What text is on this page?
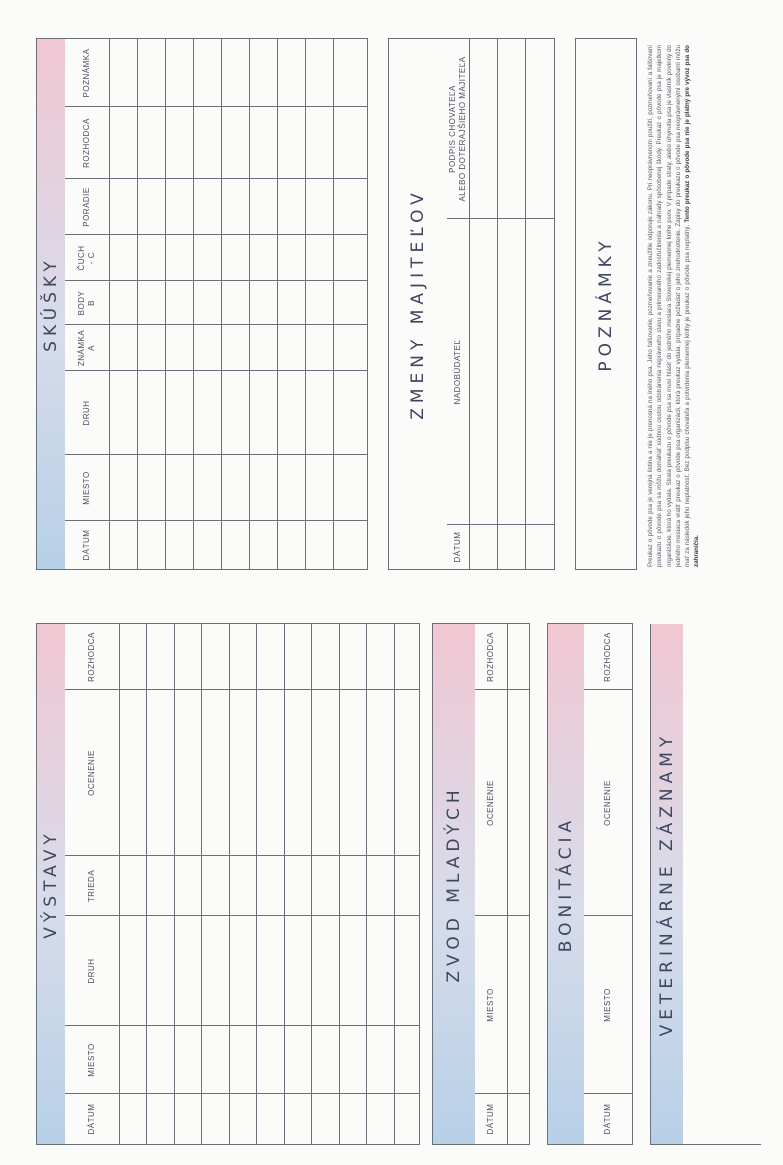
VÝSTAVY
DÁTUM
MIESTO
DRUH
TRIEDA
OCENENIE
ROZHODCA
ZVOD MLADÝCH
DÁTUM
MIESTO
OCENENIE
ROZHODCA
BONITÁCIA
DÁTUM
MIESTO
OCENENIE
ROZHODCA
VETERINÁRNE ZÁZNAMY
SKÚŠKY
DÁTUM
MIESTO
DRUH
ZNÁMKA A
BODY B
ČUCH - C
PORADIE
ROZHODCA
POZNÁMKA
ZMENY MAJITEĽOV
DÁTUM
NADOBÚDATEĽ
PODPIS CHOVATEĽA ALEBO DOTERAJŠIEHO MAJITEĽA
POZNÁMKY	Preukaz o pôvode psa je verejná listina a nie je prenosná na iného psa. Jeho falšovanie, pozmeňovanie a zneužitie odporuje zákonu. Pri neoprávnenom použití, pozmeňovaní a falšovaní preukazu o pôvode psa sa môžu domáhať súdnou cestou odstránenia neprávneho stavu a primeraného zadosťučinenia a náhrady spôsobenej škody. Preukaz o pôvode psa je majetkom organizácie, ktorá ho vydala. Strata preukazu o pôvode psa sa musí hlásiť do jedného mesiaca Slovenskej plemennej knihe psov. V prípade straty, alebo úhynutia psa je vlastník povinný do jedného mesiaca vrátiť preukaz o pôvode psa organizácii, ktorá preukaz vydala, prípadne požiadať o jeho znehodnotenie. Zápisy do preukazu o pôvode psa neoprávnenými osobami môžu mať za následok jeho neplatnosť. Bez podpisu chovateľa a potvrdenia plemennej knihy je preukaz o pôvode psa neplatný. Tento preukaz o pôvode psa nie je platný pre vývoz psa do zahraničia.
